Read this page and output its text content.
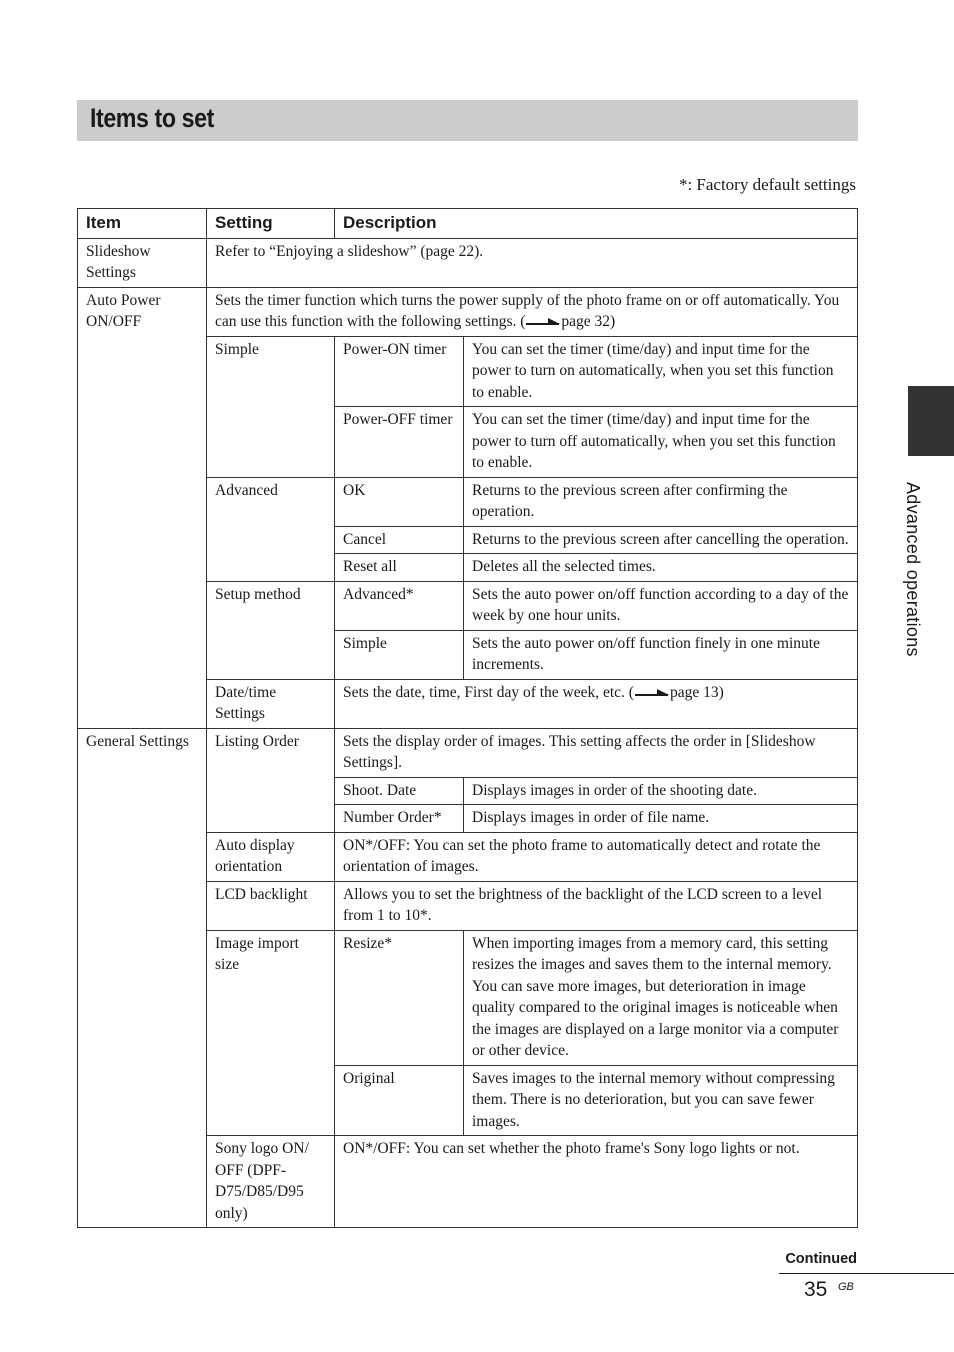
Items to set
*: Factory default settings
Advanced operations
Item	Setting	Description	
Slideshow Settings	Refer to “Enjoying a slideshow” (page 22).		
Auto Power ON/OFF	Sets the timer function which turns the power supply of the photo frame on or off automatically. You can use this function with the following settings. ( page 32)		
	Simple	Power-ON timer	You can set the timer (time/day) and input time for the power to turn on automatically, when you set this function to enable.
		Power-OFF timer	You can set the timer (time/day) and input time for the power to turn off automatically, when you set this function to enable.
	Advanced	OK	Returns to the previous screen after confirming the operation.
		Cancel	Returns to the previous screen after cancelling the operation.
		Reset all	Deletes all the selected times.
	Setup method	Advanced*	Sets the auto power on/off function according to a day of the week by one hour units.
		Simple	Sets the auto power on/off function finely in one minute increments.
	Date/time Settings	Sets the date, time, First day of the week, etc. ( page 13)	
General Settings	Listing Order	Sets the display order of images. This setting affects the order in [Slideshow Settings].	
		Shoot. Date	Displays images in order of the shooting date.
		Number Order*	Displays images in order of file name.
	Auto display orientation	ON*/OFF: You can set the photo frame to automatically detect and rotate the orientation of images.	
	LCD backlight	Allows you to set the brightness of the backlight of the LCD screen to a level from 1 to 10*.	
	Image import size	Resize*	When importing images from a memory card, this setting resizes the images and saves them to the internal memory. You can save more images, but deterioration in image quality compared to the original images is noticeable when the images are displayed on a large monitor via a computer or other device.
		Original	Saves images to the internal memory without compressing them. There is no deterioration, but you can save fewer images.
	Sony logo ON/ OFF (DPF-D75/D85/D95 only)	ON*/OFF: You can set whether the photo frame's Sony logo lights or not.	
Continued
35 GB
